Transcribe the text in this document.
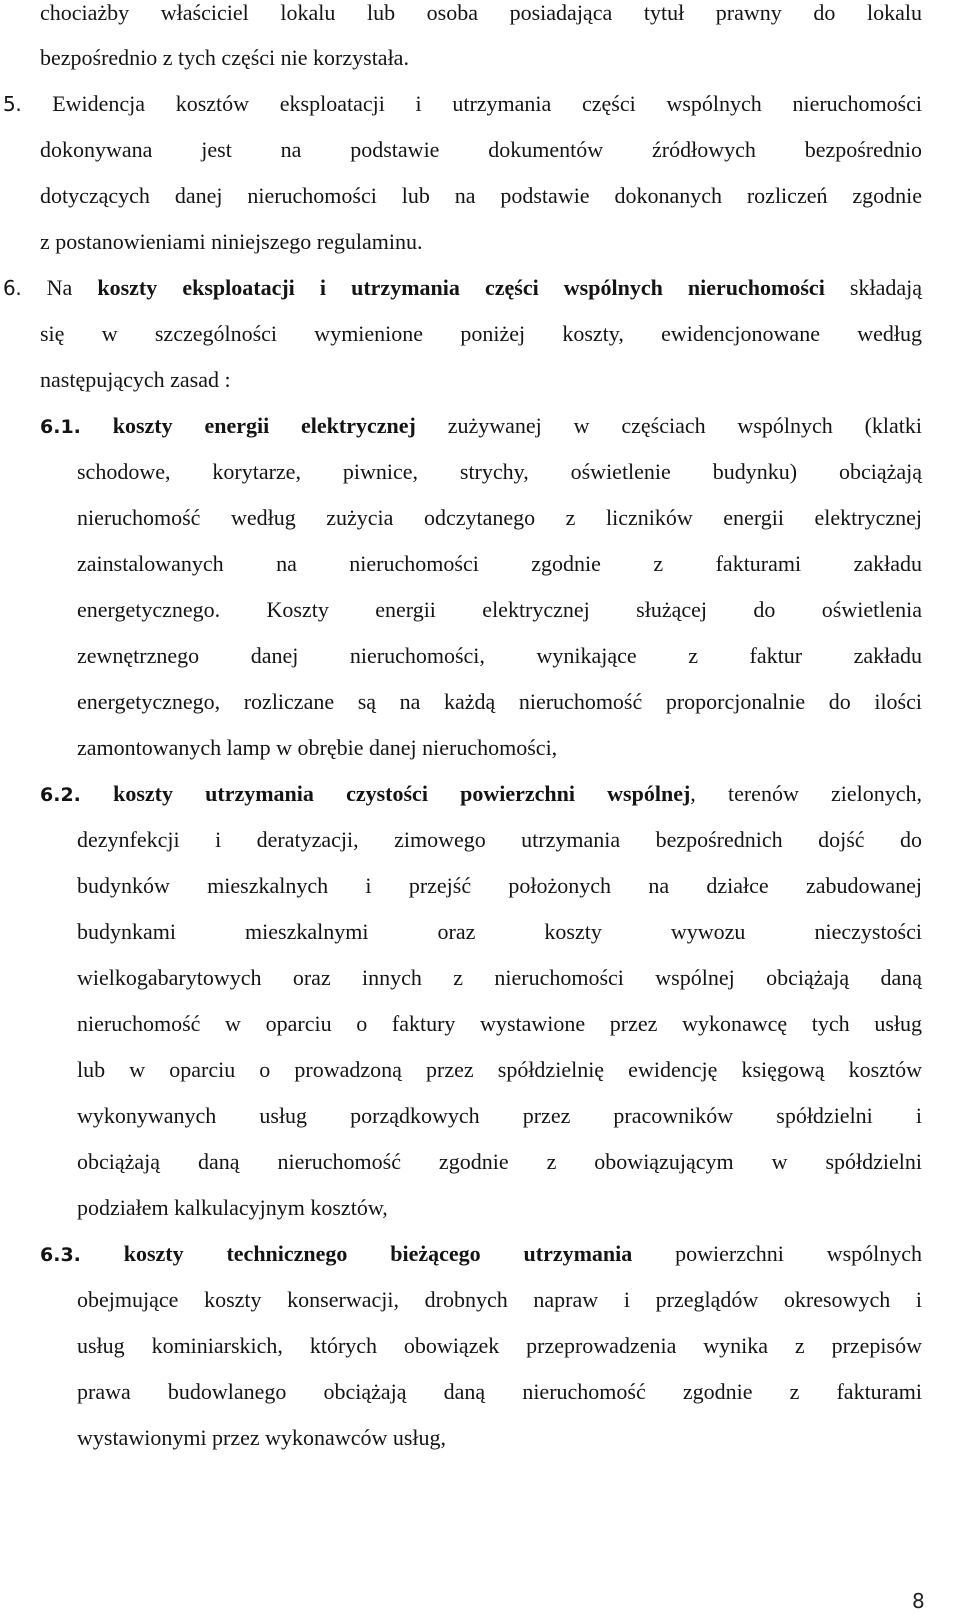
chociażby właściciel lokalu lub osoba posiadająca tytuł prawny do lokalu
bezpośrednio z tych części nie korzystała.
5. Ewidencja kosztów eksploatacji i utrzymania części wspólnych nieruchomości
dokonywana jest na podstawie dokumentów źródłowych bezpośrednio
dotyczących danej nieruchomości lub na podstawie dokonanych rozliczeń zgodnie
z postanowieniami niniejszego regulaminu.
6. Na koszty eksploatacji i utrzymania części wspólnych nieruchomości składają
się w szczególności wymienione poniżej koszty, ewidencjonowane według
następujących zasad :
6.1. koszty energii elektrycznej zużywanej w częściach wspólnych (klatki
schodowe, korytarze, piwnice, strychy, oświetlenie budynku) obciążają
nieruchomość według zużycia odczytanego z liczników energii elektrycznej
zainstalowanych na nieruchomości zgodnie z fakturami zakładu
energetycznego. Koszty energii elektrycznej służącej do oświetlenia
zewnętrznego danej nieruchomości, wynikające z faktur zakładu
energetycznego, rozliczane są na każdą nieruchomość proporcjonalnie do ilości
zamontowanych lamp w obrębie danej nieruchomości,
6.2. koszty utrzymania czystości powierzchni wspólnej, terenów zielonych,
dezynfekcji i deratyzacji, zimowego utrzymania bezpośrednich dojść do
budynków mieszkalnych i przejść położonych na działce zabudowanej
budynkami mieszkalnymi oraz koszty wywozu nieczystości
wielkogabarytowych oraz innych z nieruchomości wspólnej obciążają daną
nieruchomość w oparciu o faktury wystawione przez wykonawcę tych usług
lub w oparciu o prowadzoną przez spółdzielnię ewidencję księgową kosztów
wykonywanych usług porządkowych przez pracowników spółdzielni i
obciążają daną nieruchomość zgodnie z obowiązującym w spółdzielni
podziałem kalkulacyjnym kosztów,
6.3. koszty technicznego bieżącego utrzymania powierzchni wspólnych
obejmujące koszty konserwacji, drobnych napraw i przeglądów okresowych i
usług kominiarskich, których obowiązek przeprowadzenia wynika z przepisów
prawa budowlanego obciążają daną nieruchomość zgodnie z fakturami
wystawionymi przez wykonawców usług,
8
